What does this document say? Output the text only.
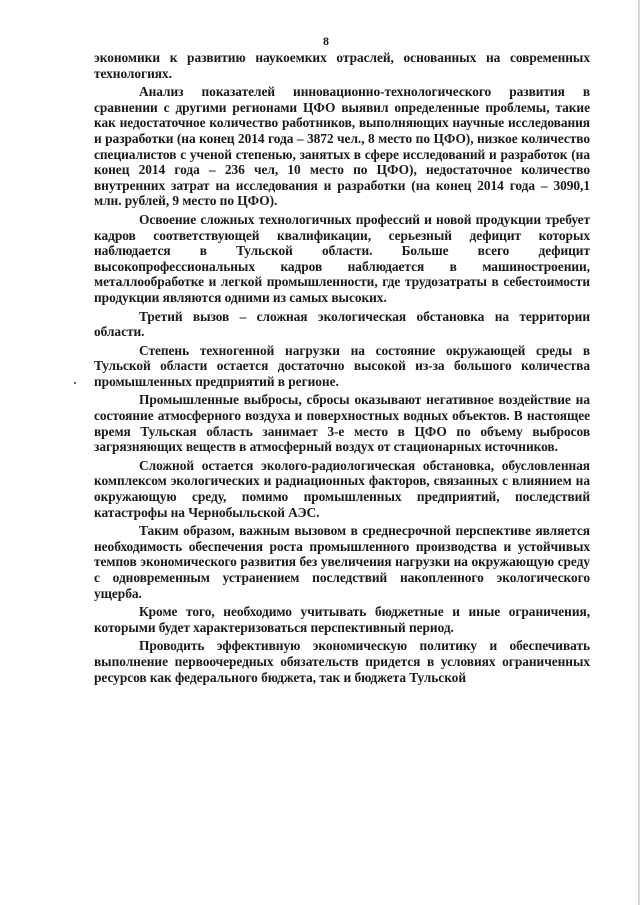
8

экономики к развитию наукоемких отраслей, основанных на современных технологиях.

Анализ показателей инновационно-технологического развития в сравнении с другими регионами ЦФО выявил определенные проблемы, такие как недостаточное количество работников, выполняющих научные исследования и разработки (на конец 2014 года – 3872 чел., 8 место по ЦФО), низкое количество специалистов с ученой степенью, занятых в сфере исследований и разработок (на конец 2014 года – 236 чел, 10 место по ЦФО), недостаточное количество внутренних затрат на исследования и разработки (на конец 2014 года – 3090,1 млн. рублей, 9 место по ЦФО).

Освоение сложных технологичных профессий и новой продукции требует кадров соответствующей квалификации, серьезный дефицит которых наблюдается в Тульской области. Больше всего дефицит высокопрофессиональных кадров наблюдается в машиностроении, металлообработке и легкой промышленности, где трудозатраты в себестоимости продукции являются одними из самых высоких.

Третий вызов – сложная экологическая обстановка на территории области.

Степень техногенной нагрузки на состояние окружающей среды в Тульской области остается достаточно высокой из-за большого количества промышленных предприятий в регионе.

Промышленные выбросы, сбросы оказывают негативное воздействие на состояние атмосферного воздуха и поверхностных водных объектов. В настоящее время Тульская область занимает 3-е место в ЦФО по объему выбросов загрязняющих веществ в атмосферный воздух от стационарных источников.

Сложной остается эколого-радиологическая обстановка, обусловленная комплексом экологических и радиационных факторов, связанных с влиянием на окружающую среду, помимо промышленных предприятий, последствий катастрофы на Чернобыльской АЭС.

Таким образом, важным вызовом в среднесрочной перспективе является необходимость обеспечения роста промышленного производства и устойчивых темпов экономического развития без увеличения нагрузки на окружающую среду с одновременным устранением последствий накопленного экологического ущерба.

Кроме того, необходимо учитывать бюджетные и иные ограничения, которыми будет характеризоваться перспективный период.

Проводить эффективную экономическую политику и обеспечивать выполнение первоочередных обязательств придется в условиях ограниченных ресурсов как федерального бюджета, так и бюджета Тульской
